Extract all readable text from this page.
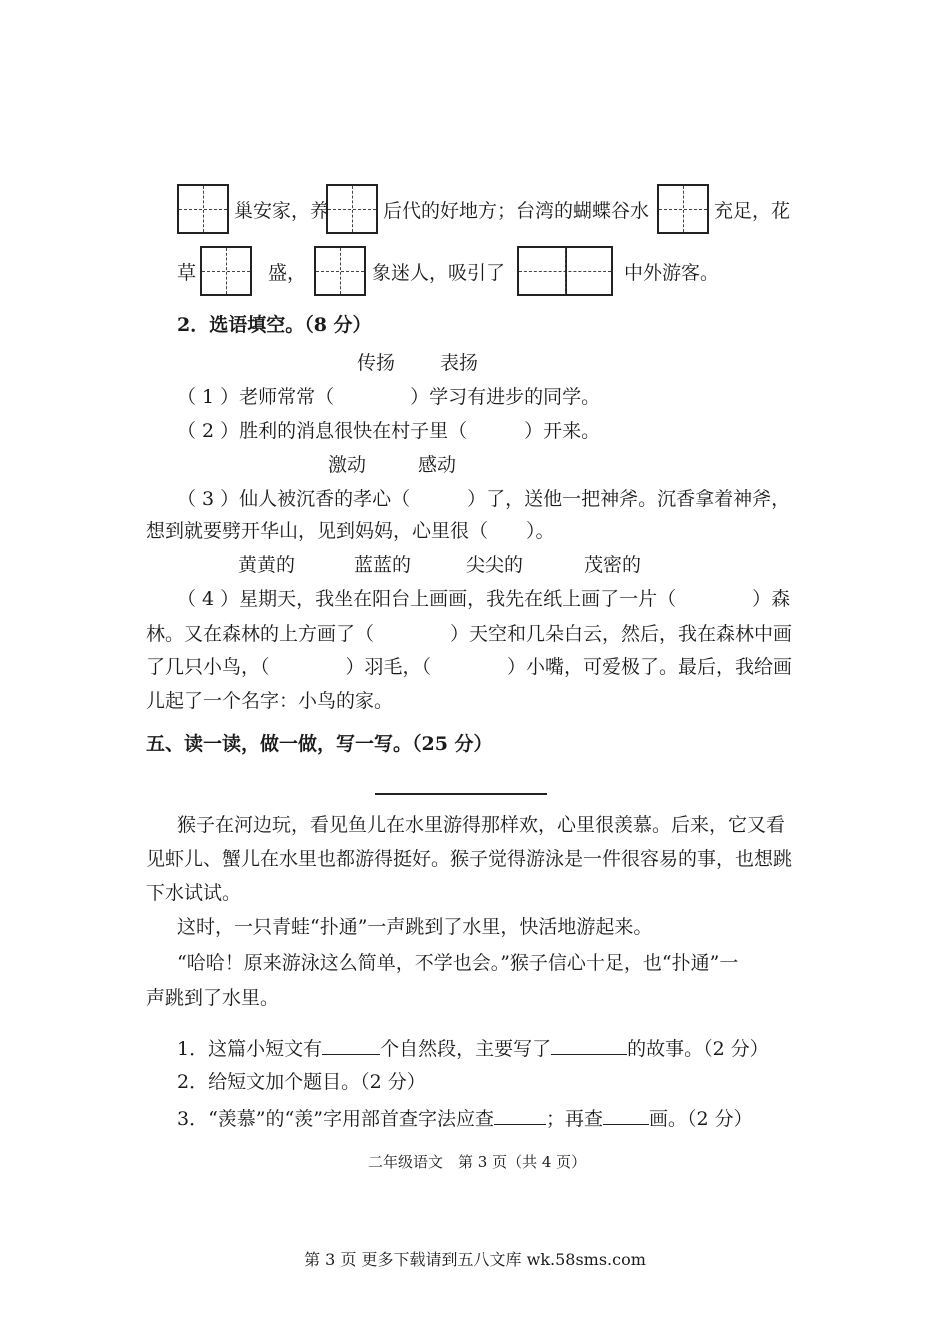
巢安家，养	后代的好地方；台湾的蝴蝶谷水	充足，花
草	盛，	象迷人，吸引了	中外游客。
2．选语填空。（8 分）
传扬 表扬
（ 1 ）老师常常（　　　　）学习有进步的同学。
（ 2 ）胜利的消息很快在村子里（　　　）开来。
激动	感动
（ 3 ）仙人被沉香的孝心（　　　）了，送他一把神斧。沉香拿着神斧，
想到就要劈开华山，见到妈妈，心里很（　　）。
黄黄的	蓝蓝的	尖尖的	茂密的
（ 4 ）星期天，我坐在阳台上画画，我先在纸上画了一片（　　　　）森
林。又在森林的上方画了（　　　　）天空和几朵白云，然后，我在森林中画
了几只小鸟，（　　　　）羽毛，（　　　　）小嘴，可爱极了。最后，我给画
儿起了一个名字：小鸟的家。
五、读一读，做一做，写一写。（25 分）
猴子在河边玩，看见鱼儿在水里游得那样欢，心里很羡慕。后来，它又看
见虾儿、蟹儿在水里也都游得挺好。猴子觉得游泳是一件很容易的事，也想跳
下水试试。
这时，一只青蛙“扑通”一声跳到了水里，快活地游起来。
“哈哈！原来游泳这么简单，不学也会。”猴子信心十足，也“扑通”一
声跳到了水里。
1．这篇小短文有	个自然段，主要写了	的故事。（2 分）
2．给短文加个题目。（2 分）
3．“羡慕”的“羡”字用部首查字法应查	；再查 画。（2 分）
二年级语文　第 3 页（共 4 页）
第 3 页 更多下载请到五八文库 wk.58sms.com
